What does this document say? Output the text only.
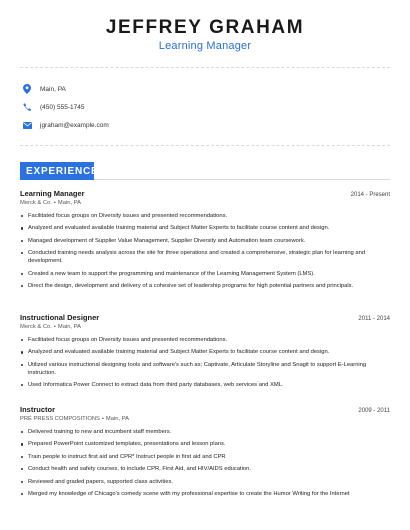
JEFFREY GRAHAM
Learning Manager
Main, PA
(450) 555-1745
jgraham@example.com
EXPERIENCE
Learning Manager	2014 - Present
Merck & Co. • Main, PA
Facilitated focus groups on Diversity issues and presented recommendations.
Analyzed and evaluated available training material and Subject Matter Experts to facilitate course content and design.
Managed development of Supplier Value Management, Supplier Diversity and Automation team coursework.
Conducted training needs analysis across the site for three operations and created a comprehensive, strategic plan for learning and development.
Created a new team to support the programming and maintenance of the Learning Management System (LMS).
Direct the design, development and delivery of a cohesive set of leadership programs for high potential partners and principals.
Instructional Designer	2011 - 2014
Merck & Co. • Main, PA
Facilitated focus groups on Diversity issues and presented recommendations.
Analyzed and evaluated available training material and Subject Matter Experts to facilitate course content and design.
Utilized various instructional designing tools and software's such as; Captivate, Articulate Storyline and Snagit to support E-Learning instruction.
Used Informatica Power Connect to extract data from third party databases, web services and XML.
Instructor	2009 - 2011
PRE PRESS COMPOSITIONS • Main, PA
Delivered training to new and incumbent staff members.
Prepared PowerPoint customized templates, presentations and lesson plans.
Train people to instruct first aid and CPR* Instruct people in first aid and CPR
Conduct health and safety courses, to include CPR, First Aid, and HIV/AIDS education.
Reviewed and graded papers, supported class activities.
Merged my knowledge of Chicago's comedy scene with my professional expertise to create the Humor Writing for the Internet
